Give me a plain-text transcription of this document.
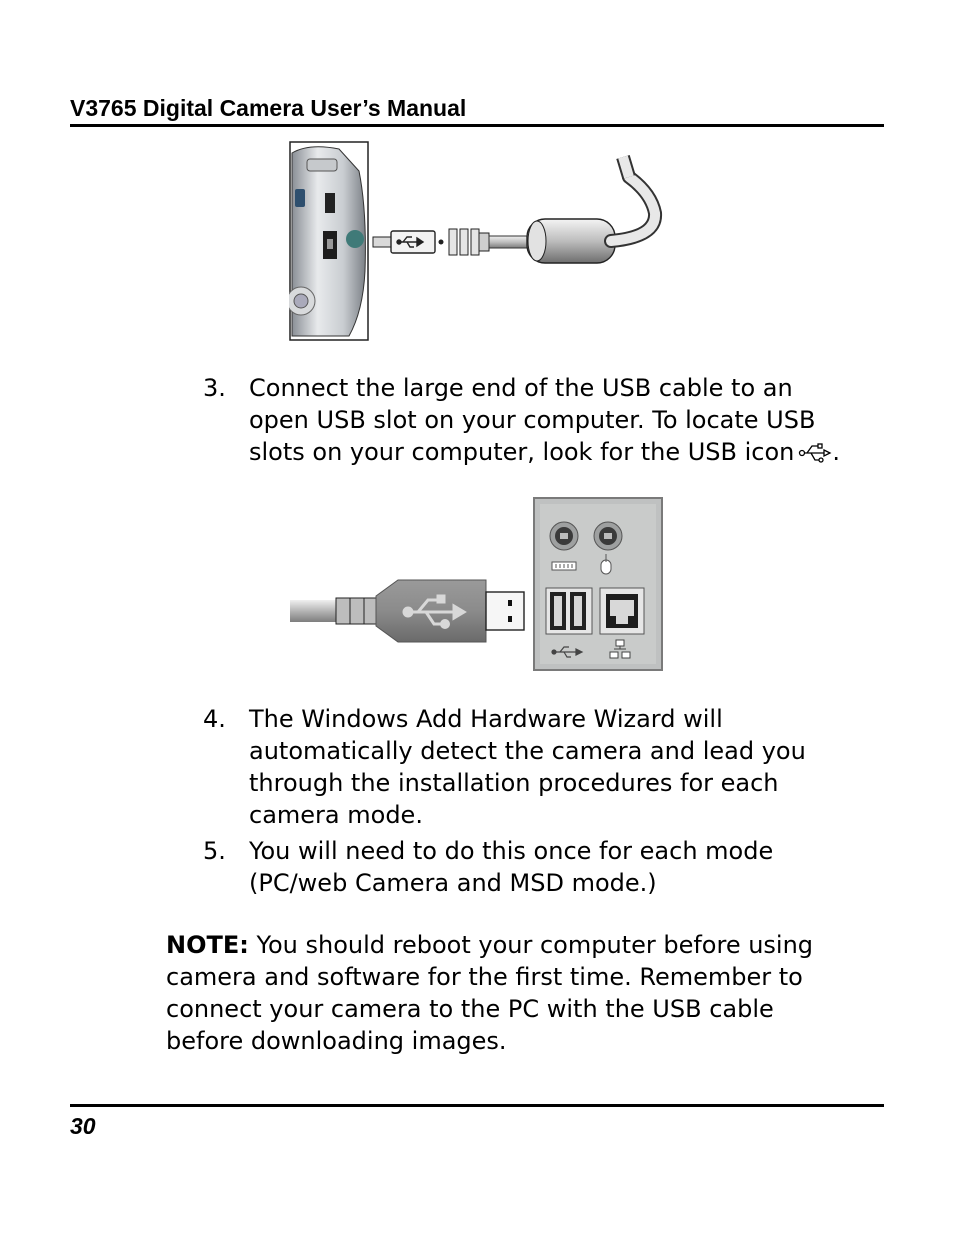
V3765 Digital Camera User’s Manual
3. Connect the large end of the USB cable to an
open USB slot on your computer. To locate USB
slots on your computer, look for the USB icon .
4. The Windows Add Hardware Wizard will
automatically detect the camera and lead you
through the installation procedures for each
camera mode.
5. You will need to do this once for each mode
(PC/web Camera and MSD mode.)
NOTE: You should reboot your computer before using
camera and software for the first time. Remember to
connect your camera to the PC with the USB cable
before downloading images.
30
